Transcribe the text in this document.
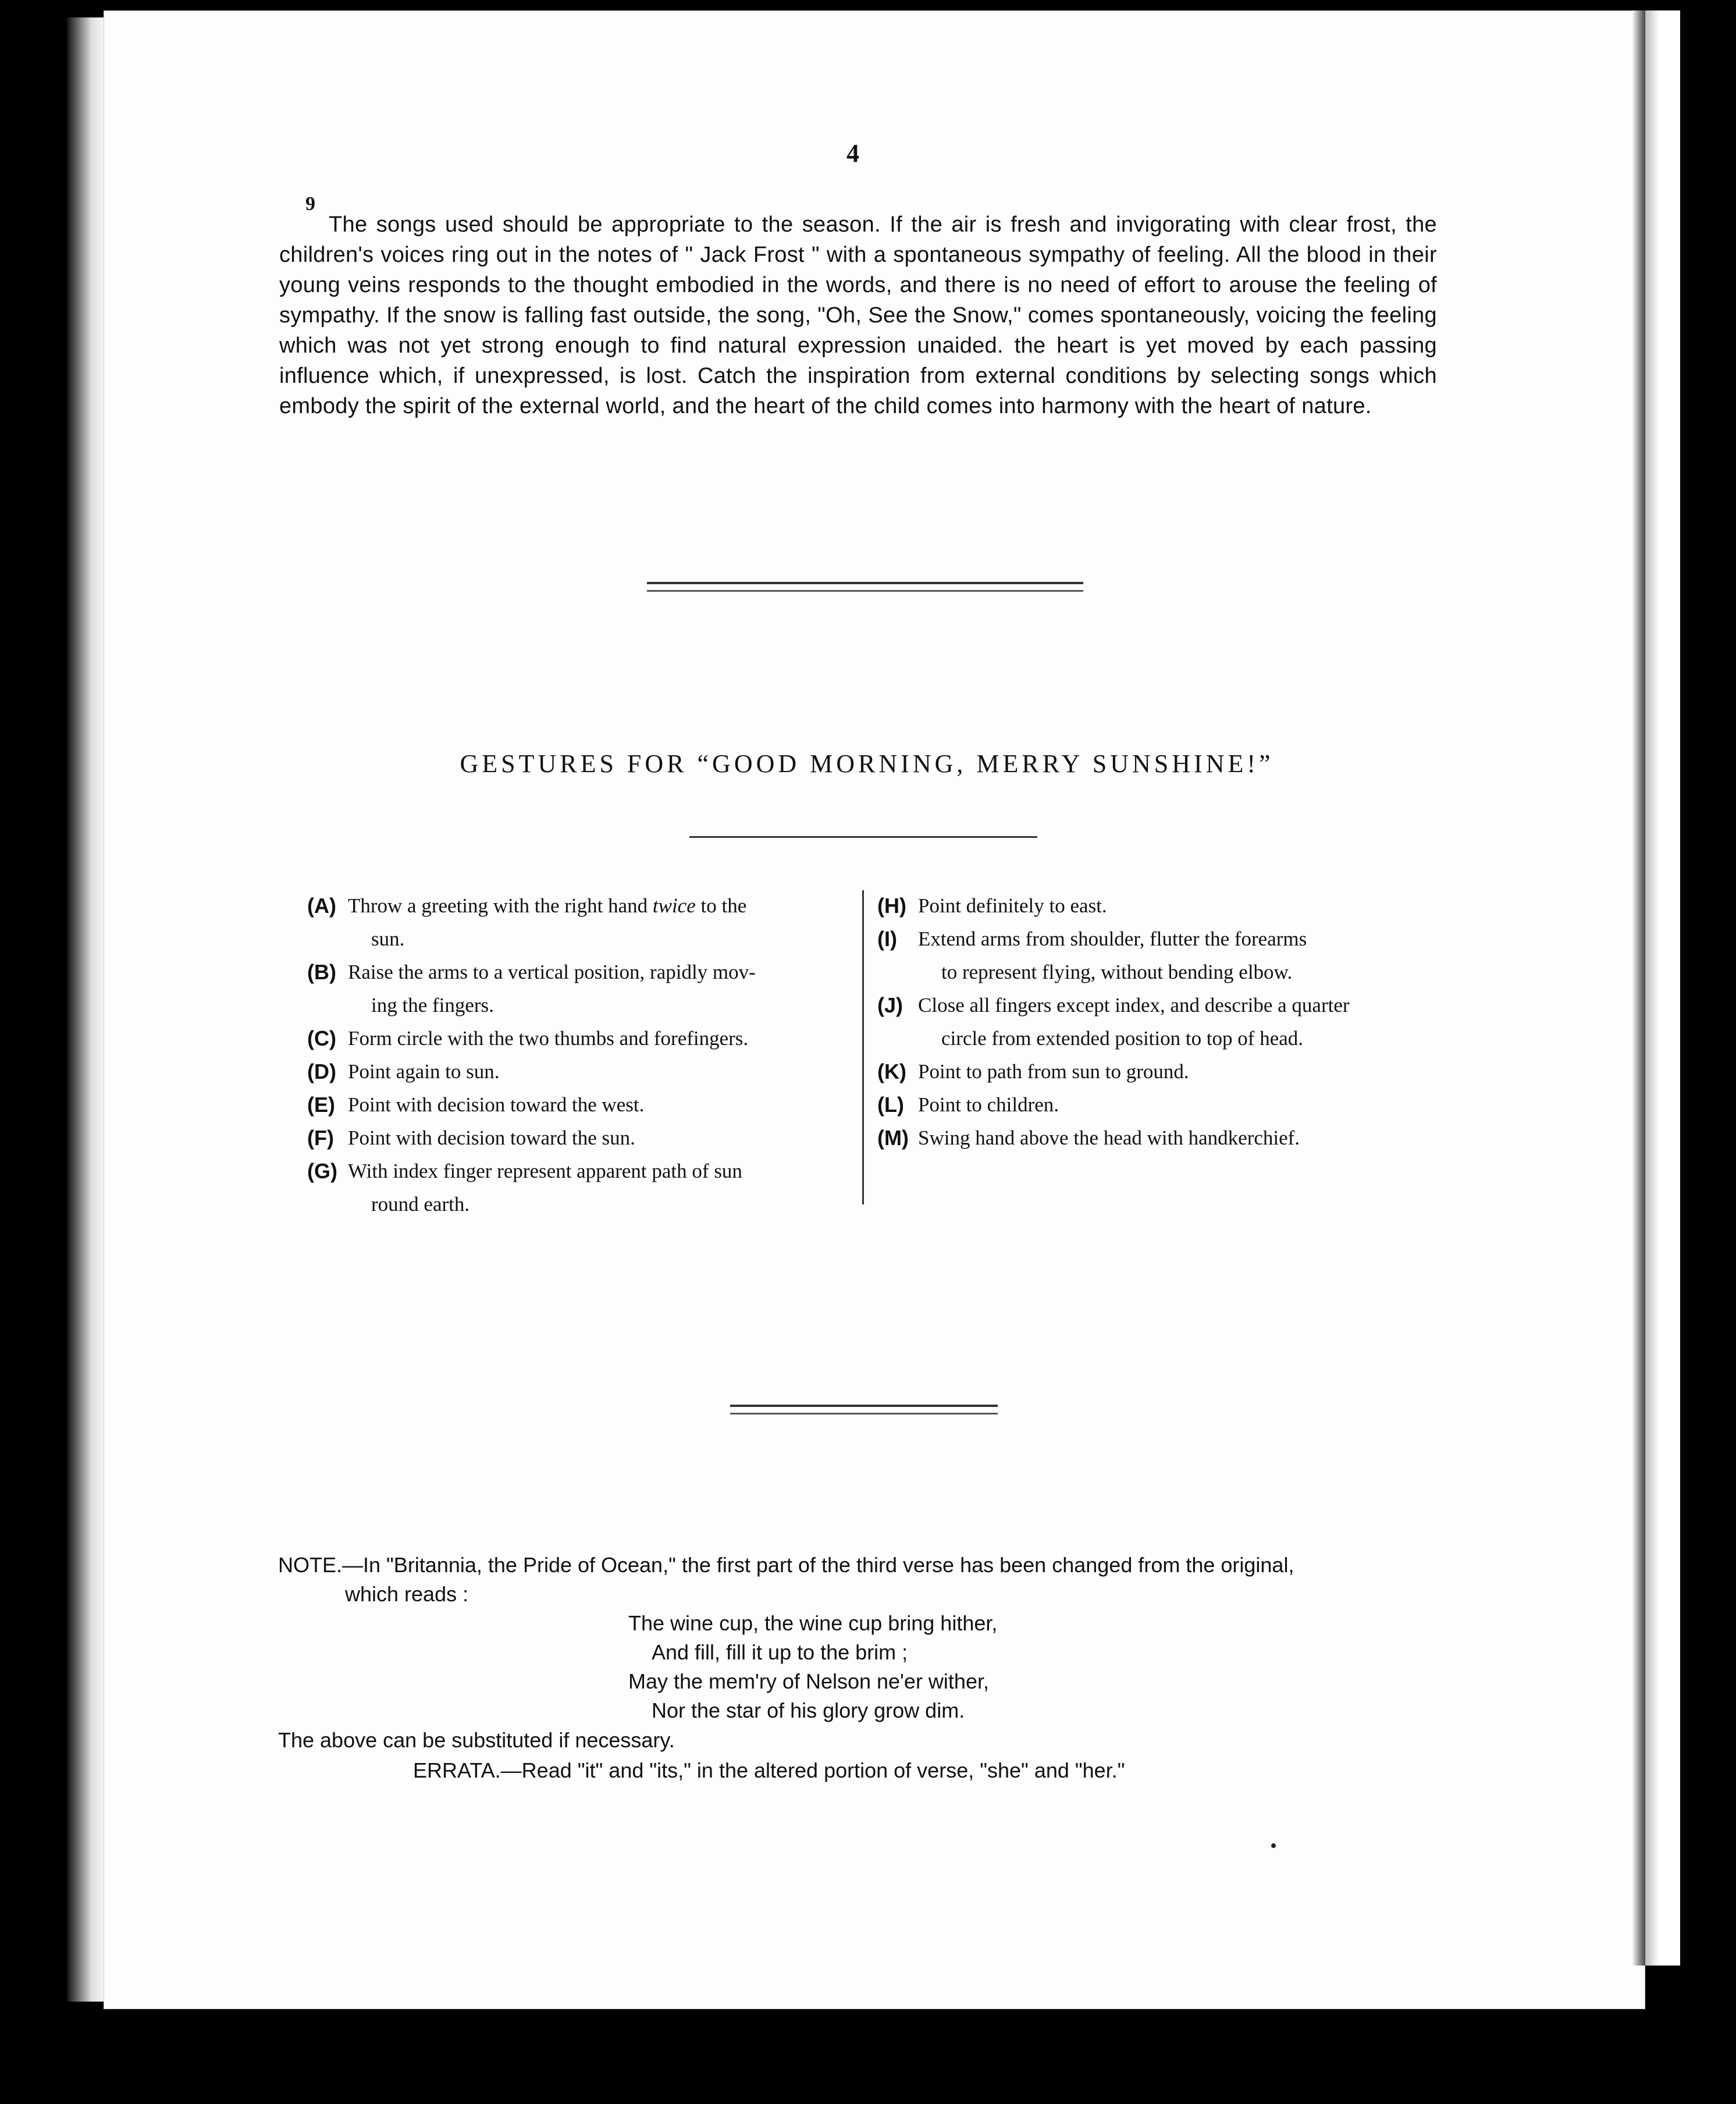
4
9
The songs used should be appropriate to the season. If the air is fresh and invigorating with clear frost, the children's voices ring out in the notes of " Jack Frost " with a spontaneous sympathy of feeling. All the blood in their young veins responds to the thought embodied in the words, and there is no need of effort to arouse the feeling of sympathy. If the snow is falling fast outside, the song, "Oh, See the Snow," comes spontaneously, voicing the feeling which was not yet strong enough to find natural expression unaided. the heart is yet moved by each passing influence which, if unexpressed, is lost. Catch the inspiration from external conditions by selecting songs which embody the spirit of the external world, and the heart of the child comes into harmony with the heart of nature.
GESTURES FOR “GOOD MORNING, MERRY SUNSHINE!”
(A) Throw a greeting with the right hand twice to the
sun.
(B) Raise the arms to a vertical position, rapidly mov-
ing the fingers.
(C) Form circle with the two thumbs and forefingers.
(D) Point again to sun.
(E) Point with decision toward the west.
(F) Point with decision toward the sun.
(G) With index finger represent apparent path of sun
round earth.
(H) Point definitely to east.
(I)	Extend arms from shoulder, flutter the forearms
to represent flying, without bending elbow.
(J) Close all fingers except index, and describe a quarter
circle from extended position to top of head.
(K) Point to path from sun to ground.
(L) Point to children.
(M) Swing hand above the head with handkerchief.
NOTE.—In "Britannia, the Pride of Ocean," the first part of the third verse has been changed from the original,
which reads :
The wine cup, the wine cup bring hither,
And fill, fill it up to the brim ;
May the mem'ry of Nelson ne'er wither,
Nor the star of his glory grow dim.
The above can be substituted if necessary.
ERRATA.—Read "it" and "its," in the altered portion of verse, "she" and "her."
